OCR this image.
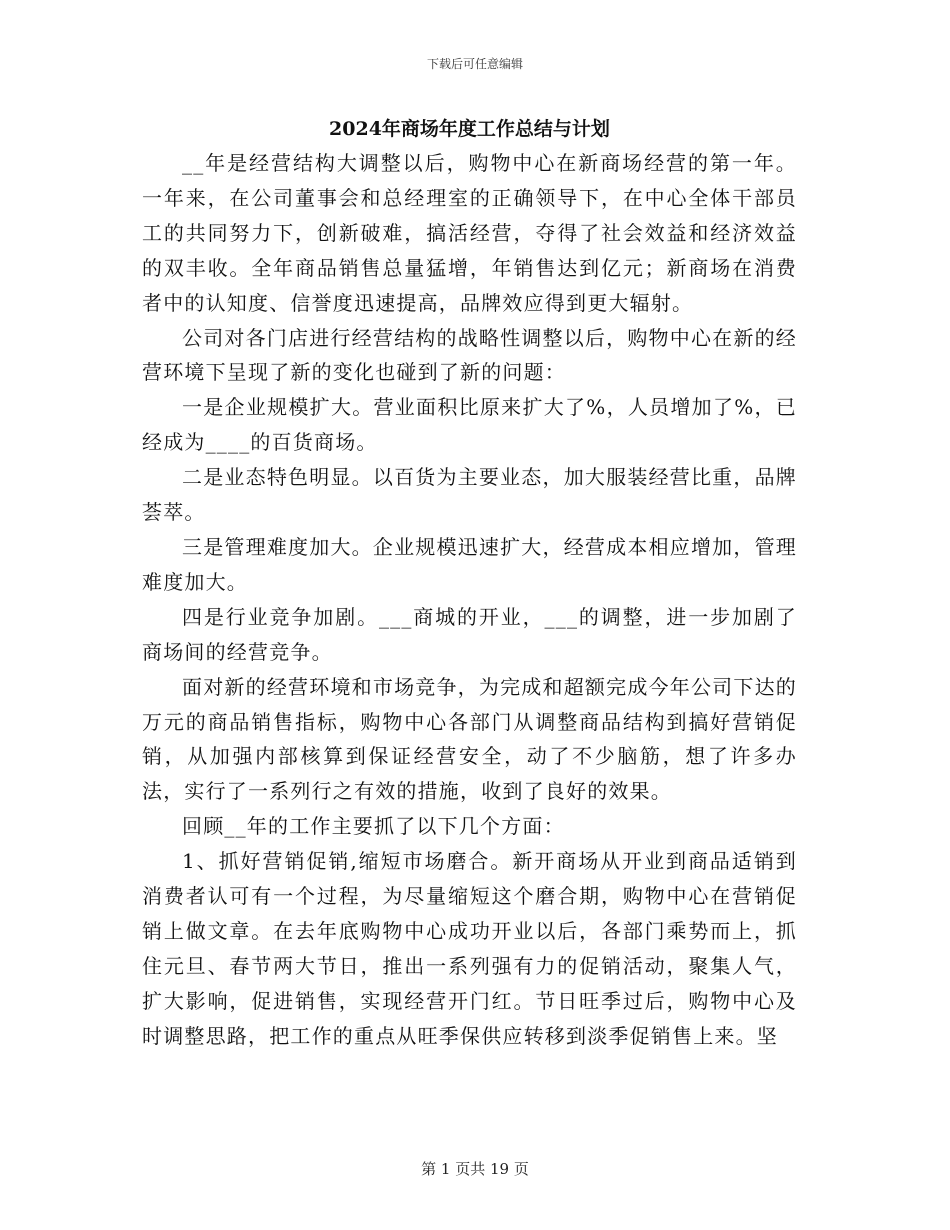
下载后可任意编辑
2024年商场年度工作总结与计划

__年是经营结构大调整以后，购物中心在新商场经营的第一年。一年来，在公司董事会和总经理室的正确领导下，在中心全体干部员工的共同努力下，创新破难，搞活经营，夺得了社会效益和经济效益的双丰收。全年商品销售总量猛增，年销售达到亿元；新商场在消费者中的认知度、信誉度迅速提高，品牌效应得到更大辐射。

公司对各门店进行经营结构的战略性调整以后，购物中心在新的经营环境下呈现了新的变化也碰到了新的问题：

一是企业规模扩大。营业面积比原来扩大了%，人员增加了%，已经成为____的百货商场。

二是业态特色明显。以百货为主要业态，加大服装经营比重，品牌荟萃。

三是管理难度加大。企业规模迅速扩大，经营成本相应增加，管理难度加大。

四是行业竞争加剧。___商城的开业，___的调整，进一步加剧了商场间的经营竞争。

面对新的经营环境和市场竞争，为完成和超额完成今年公司下达的万元的商品销售指标，购物中心各部门从调整商品结构到搞好营销促销，从加强内部核算到保证经营安全，动了不少脑筋，想了许多办法，实行了一系列行之有效的措施，收到了良好的效果。

回顾__年的工作主要抓了以下几个方面：

1、抓好营销促销,缩短市场磨合。新开商场从开业到商品适销到消费者认可有一个过程，为尽量缩短这个磨合期，购物中心在营销促销上做文章。在去年底购物中心成功开业以后，各部门乘势而上，抓住元旦、春节两大节日，推出一系列强有力的促销活动，聚集人气，扩大影响，促进销售，实现经营开门红。节日旺季过后，购物中心及时调整思路，把工作的重点从旺季保供应转移到淡季促销售上来。坚

第 1 页共 19 页
